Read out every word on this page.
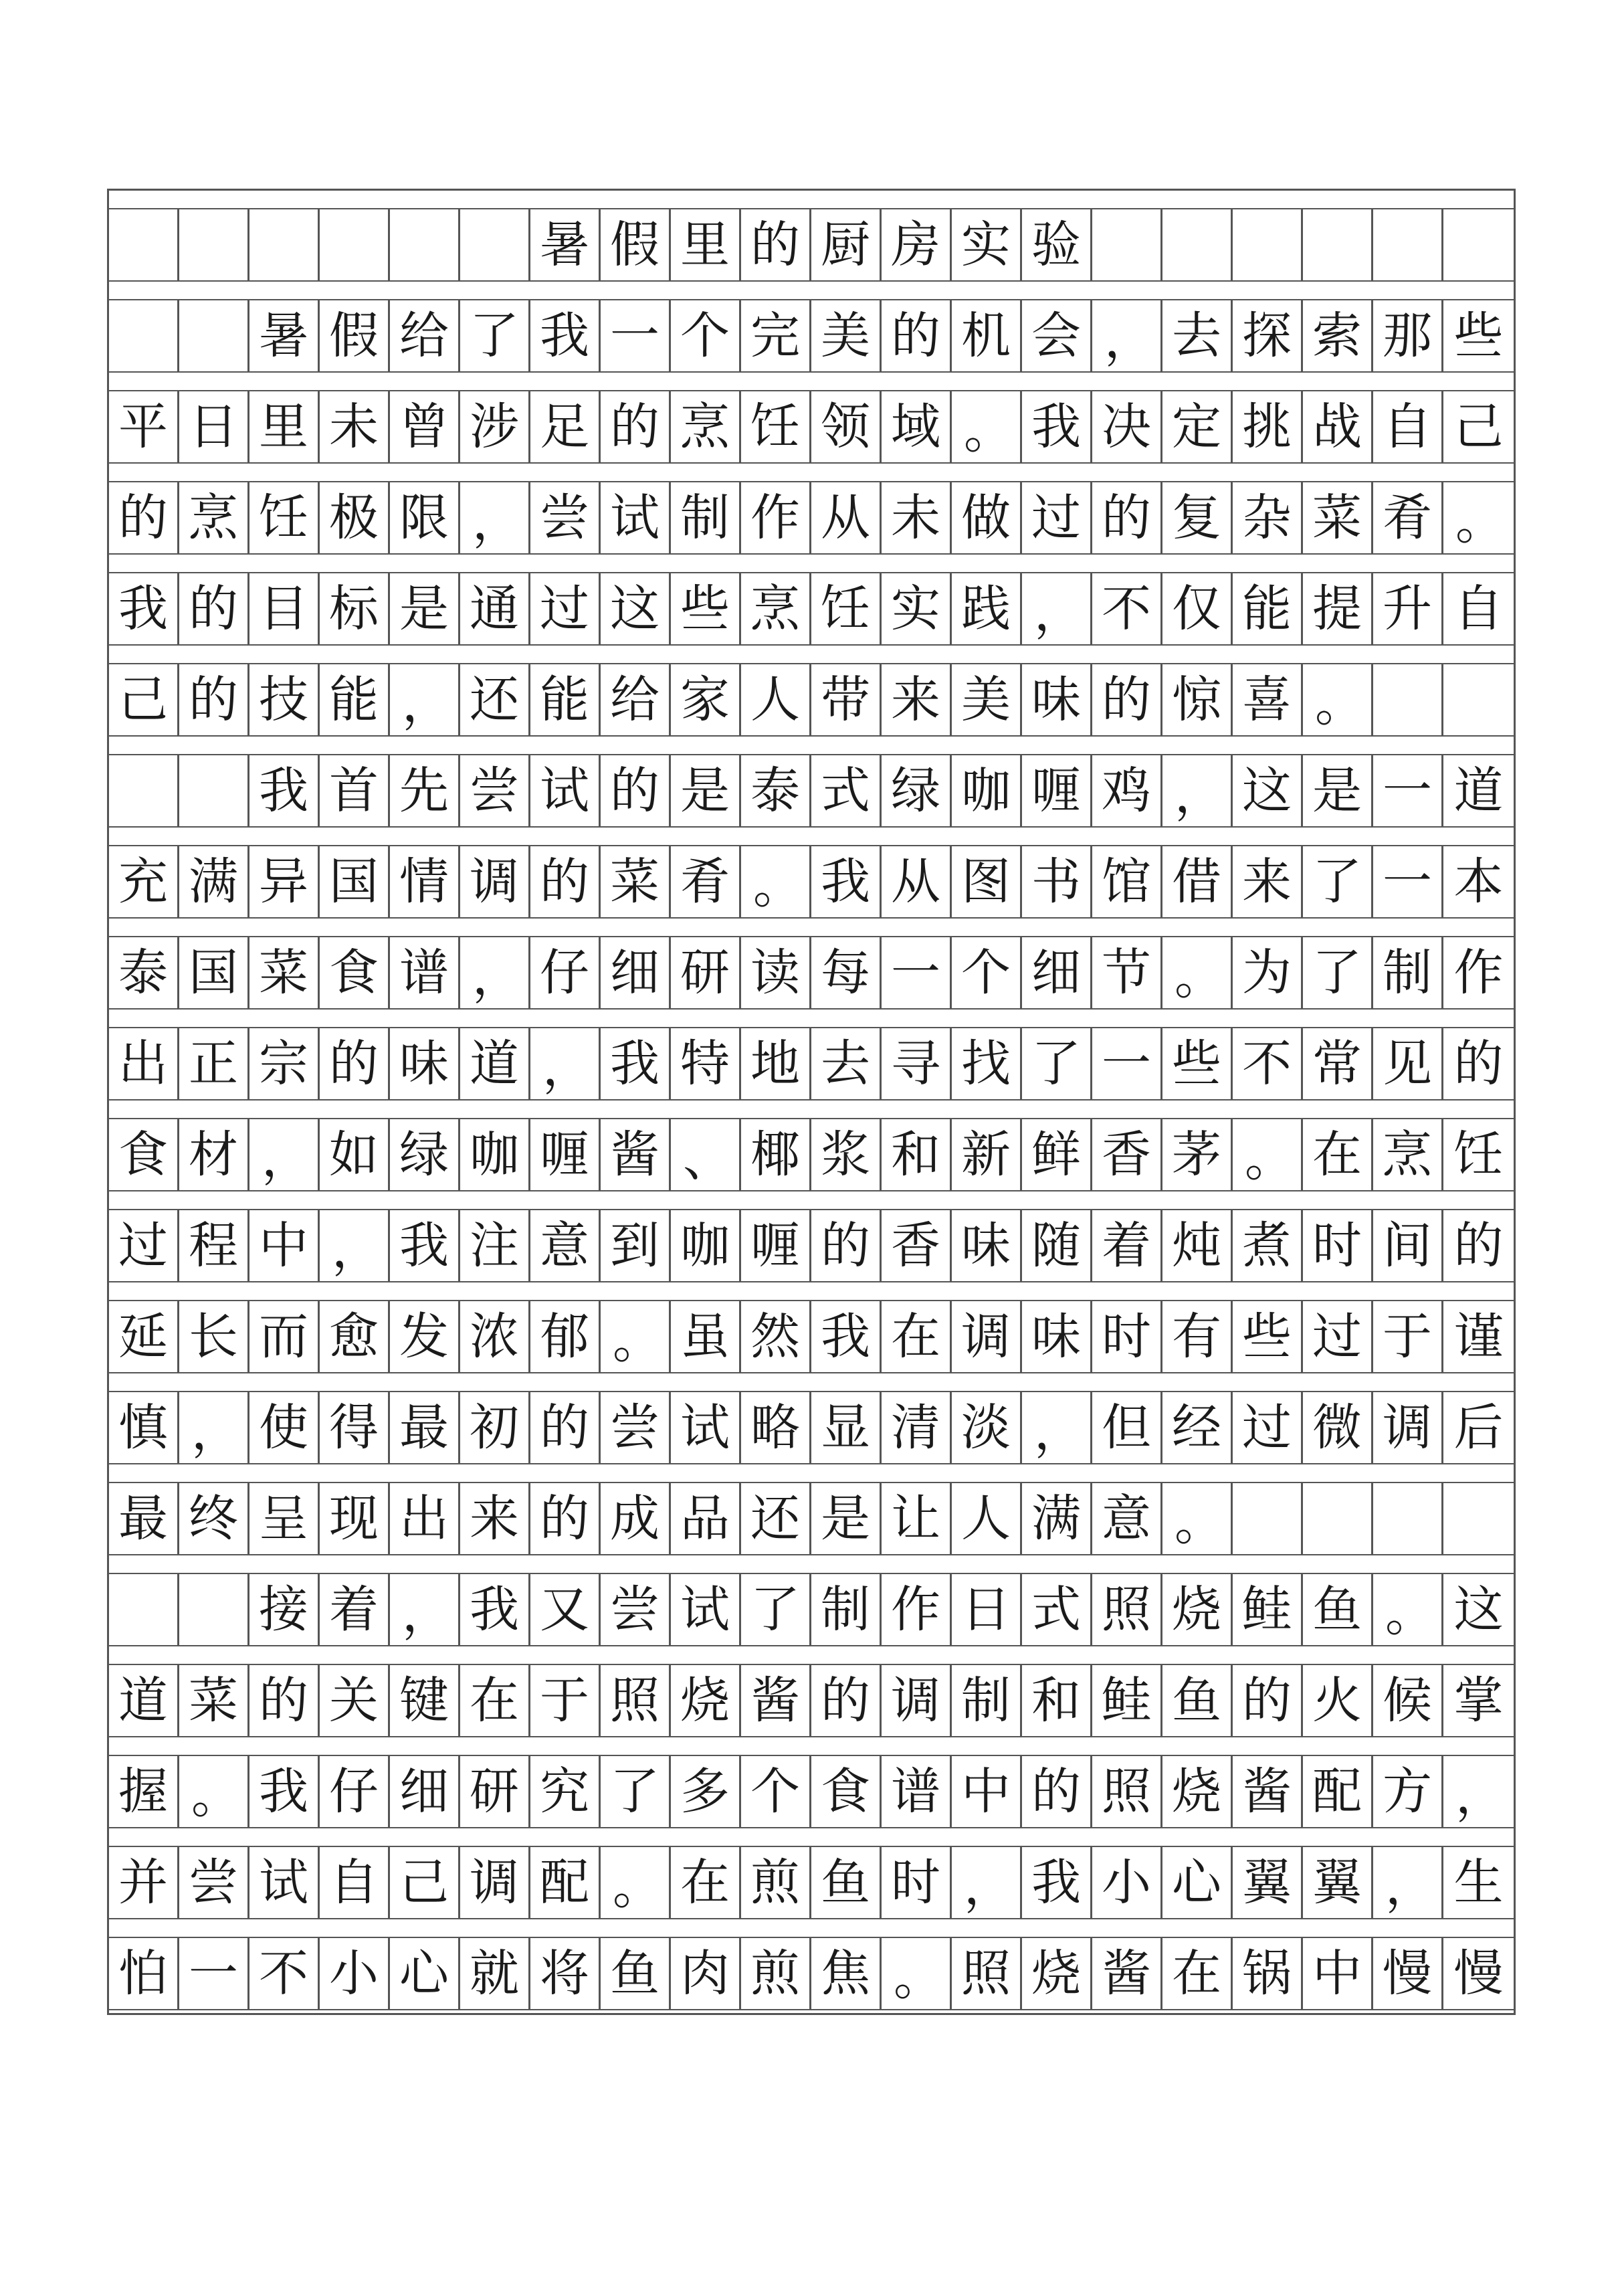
暑 假 里 的 厨 房 实 验
暑 假 给 了 我 一 个 完 美 的 机 会 ， 去 探 索 那 些
平 日 里 未 曾 涉 足 的 烹 饪 领 域 。 我 决 定 挑 战 自 己
的 烹 饪 极 限 ， 尝 试 制 作 从 未 做 过 的 复 杂 菜 肴 。
我 的 目 标 是 通 过 这 些 烹 饪 实 践 ， 不 仅 能 提 升 自
己 的 技 能 ， 还 能 给 家 人 带 来 美 味 的 惊 喜 。
我 首 先 尝 试 的 是 泰 式 绿 咖 喱 鸡 ， 这 是 一 道
充 满 异 国 情 调 的 菜 肴 。 我 从 图 书 馆 借 来 了 一 本
泰 国 菜 食 谱 ， 仔 细 研 读 每 一 个 细 节 。 为 了 制 作
出 正 宗 的 味 道 ， 我 特 地 去 寻 找 了 一 些 不 常 见 的
食 材 ， 如 绿 咖 喱 酱 、 椰 浆 和 新 鲜 香 茅 。 在 烹 饪
过 程 中 ， 我 注 意 到 咖 喱 的 香 味 随 着 炖 煮 时 间 的
延 长 而 愈 发 浓 郁 。 虽 然 我 在 调 味 时 有 些 过 于 谨
慎 ， 使 得 最 初 的 尝 试 略 显 清 淡 ， 但 经 过 微 调 后
最 终 呈 现 出 来 的 成 品 还 是 让 人 满 意 。
接 着 ， 我 又 尝 试 了 制 作 日 式 照 烧 鲑 鱼 。 这
道 菜 的 关 键 在 于 照 烧 酱 的 调 制 和 鲑 鱼 的 火 候 掌
握 。 我 仔 细 研 究 了 多 个 食 谱 中 的 照 烧 酱 配 方 ，
并 尝 试 自 己 调 配 。 在 煎 鱼 时 ， 我 小 心 翼 翼 ， 生
怕 一 不 小 心 就 将 鱼 肉 煎 焦 。 照 烧 酱 在 锅 中 慢 慢
